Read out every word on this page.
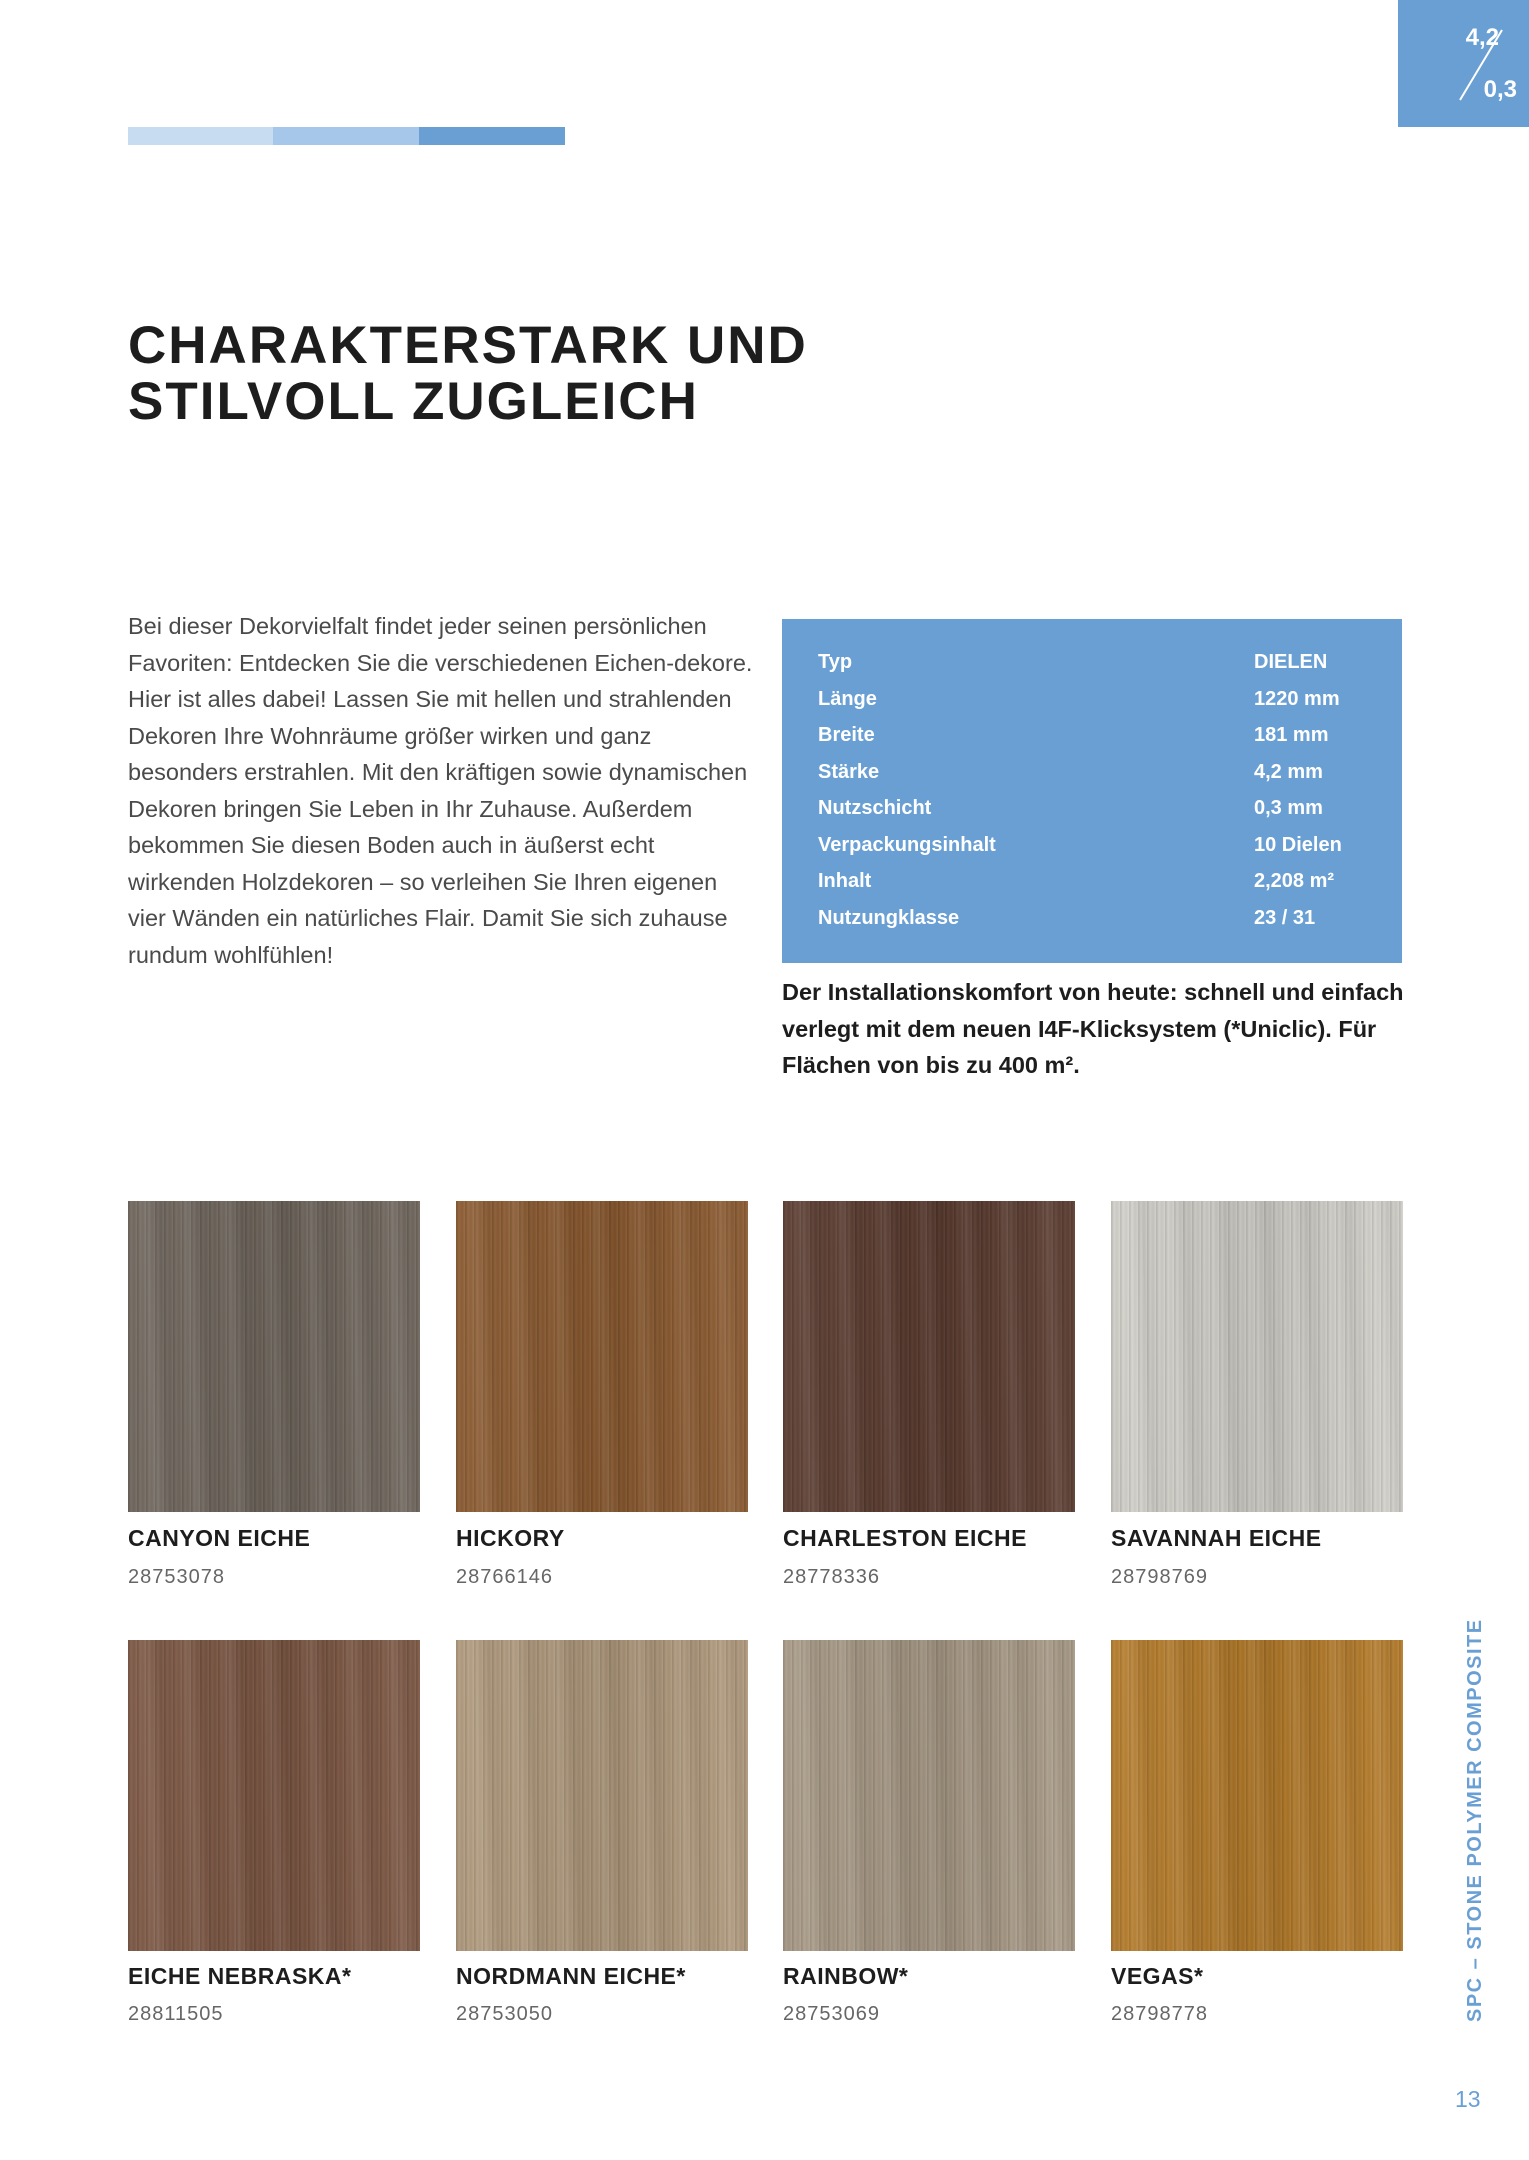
4,2
0,3
CHARAKTERSTARK UND
STILVOLL ZUGLEICH

Bei dieser Dekorvielfalt findet jeder seinen persönlichen Favoriten: Entdecken Sie die verschiedenen Eichen-dekore. Hier ist alles dabei! Lassen Sie mit hellen und strahlenden Dekoren Ihre Wohnräume größer wirken und ganz besonders erstrahlen. Mit den kräftigen sowie dynamischen Dekoren bringen Sie Leben in Ihr Zuhause. Außerdem bekommen Sie diesen Boden auch in äußerst echt wirkenden Holzdekoren – so verleihen Sie Ihren eigenen vier Wänden ein natürliches Flair. Damit Sie sich zuhause rundum wohlfühlen!

Typ	DIELEN
Länge	1220 mm
Breite	181 mm
Stärke	4,2 mm
Nutzschicht	0,3 mm
Verpackungsinhalt	10 Dielen
Inhalt	2,208 m²
Nutzungklasse	23 / 31

Der Installationskomfort von heute: schnell und einfach verlegt mit dem neuen I4F-Klicksystem (*Uniclic). Für Flächen von bis zu 400 m².

CANYON EICHE
28753078
HICKORY
28766146
CHARLESTON EICHE
28778336
SAVANNAH EICHE
28798769
EICHE NEBRASKA*
28811505
NORDMANN EICHE*
28753050
RAINBOW*
28753069
VEGAS*
28798778	SPC – STONE POLYMER COMPOSITE
13
